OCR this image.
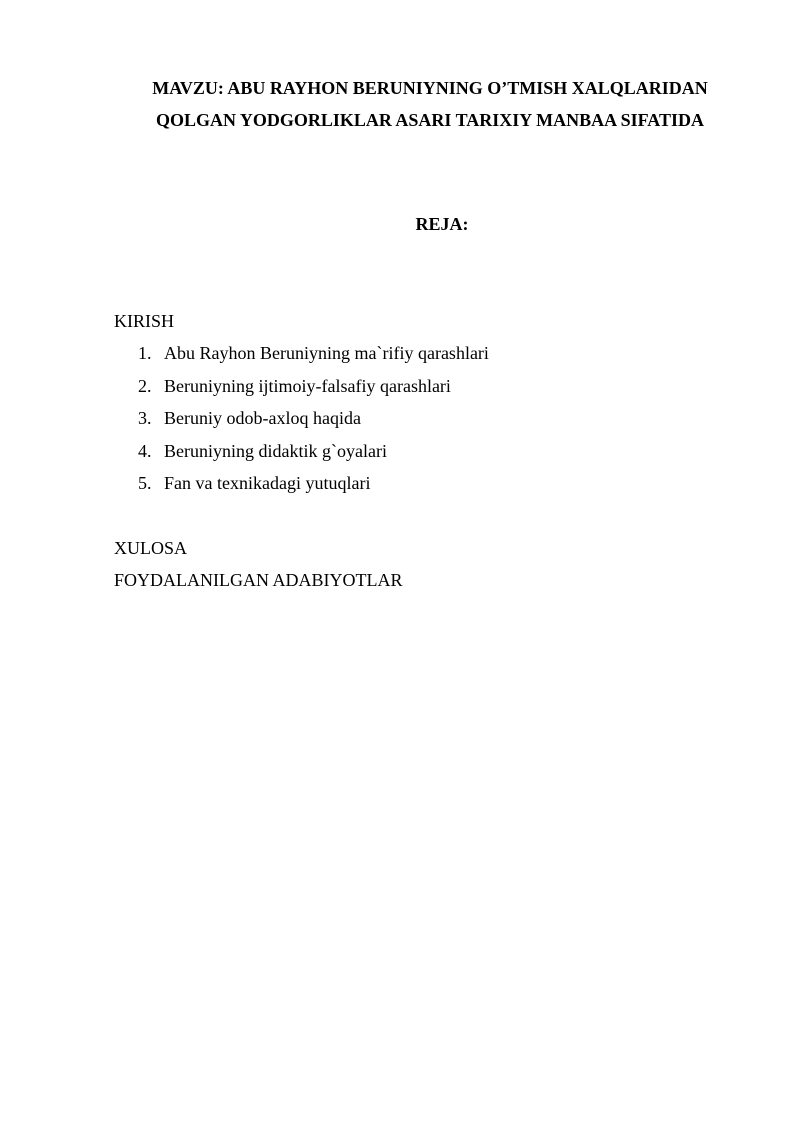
MAVZU: ABU RAYHON BERUNIYNING O’TMISH XALQLARIDAN
QOLGAN YODGORLIKLAR ASARI TARIXIY MANBAA SIFATIDA
REJA:
KIRISH
1. Abu Rayhon Beruniyning ma`rifiy qarashlari
2. Beruniyning ijtimoiy-falsafiy qarashlari
3. Beruniy odob-axloq haqida
4. Beruniyning didaktik g`oyalari
5. Fan va texnikadagi yutuqlari
XULOSA
FOYDALANILGAN ADABIYOTLAR
